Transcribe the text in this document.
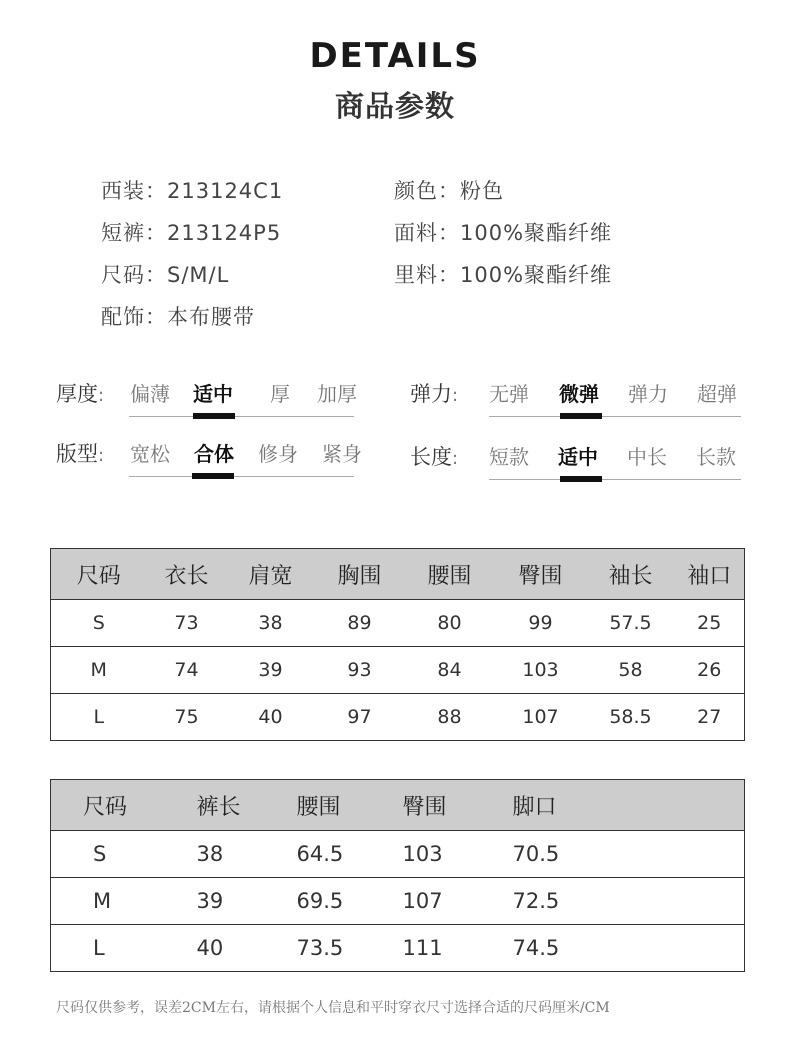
DETAILS
商品参数
西装：213124C1
短裤：213124P5
尺码：S/M/L
配饰：本布腰带
颜色：粉色
面料：100%聚酯纤维
里料：100%聚酯纤维
厚度: 偏薄 适中 厚 加厚
版型: 宽松 合体 修身 紧身
弹力: 无弹 微弹 弹力 超弹
长度: 短款 适中 中长 长款
尺码	衣长	肩宽	胸围	腰围	臀围	袖长	袖口
S	73	38	89	80	99	57.5	25
M	74	39	93	84	103	58	26
L	75	40	97	88	107	58.5	27
尺码	裤长	腰围	臀围	脚口
S	38	64.5	103	70.5
M	39	69.5	107	72.5
L	40	73.5	111	74.5
尺码仅供参考，误差2CM左右，请根据个人信息和平时穿衣尺寸选择合适的尺码厘米/CM
